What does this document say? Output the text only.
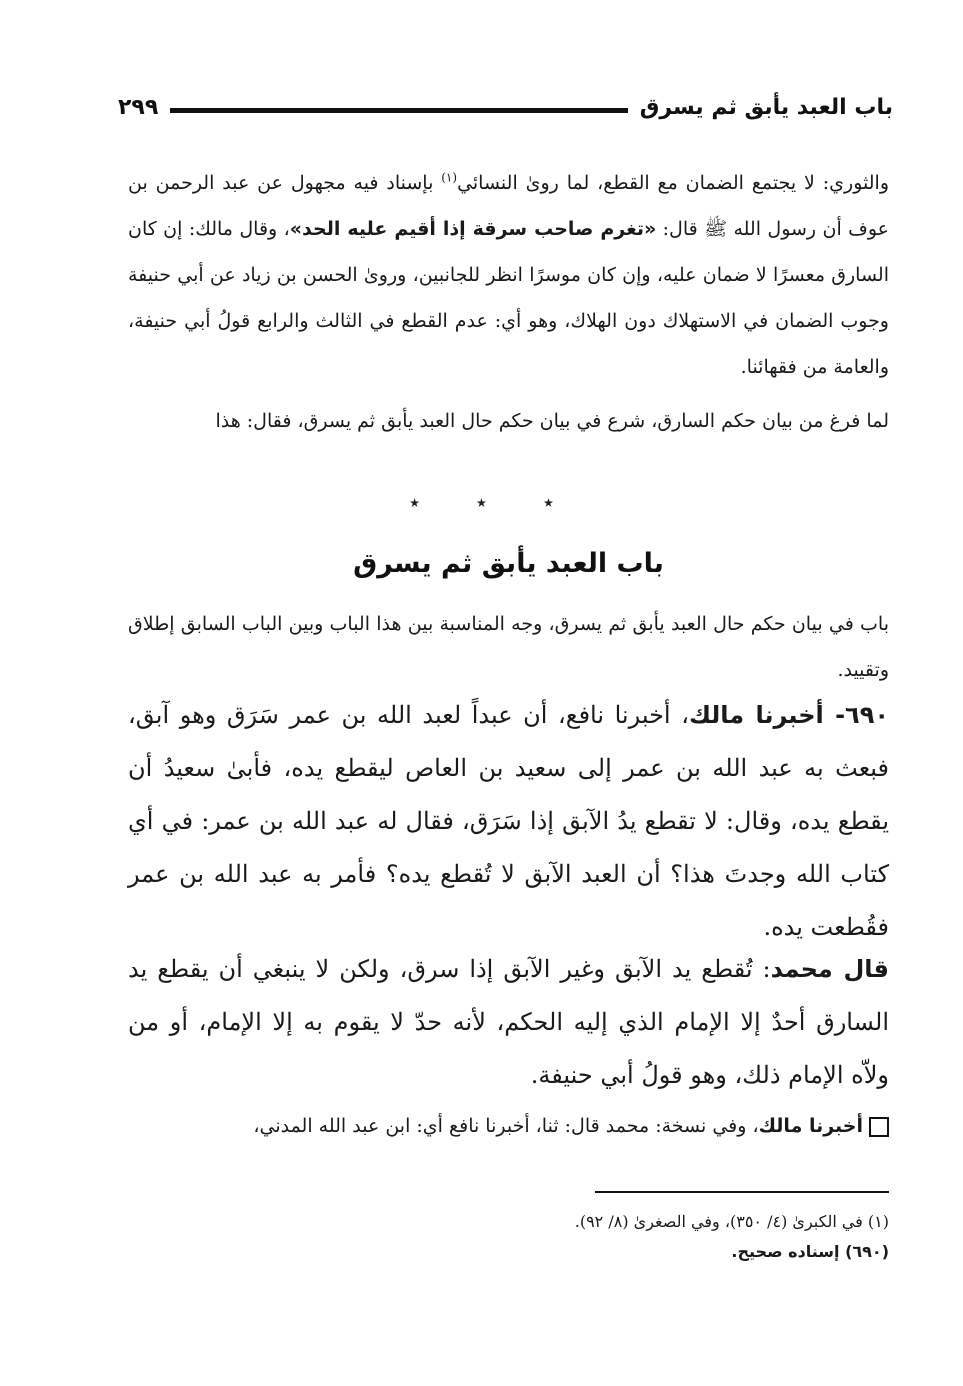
باب العبد يأبق ثم يسرق
٢٩٩
والثوري: لا يجتمع الضمان مع القطع، لما روىٰ النسائي$^{(١)}$ بإسناد فيه مجهول عن عبد الرحمن بن عوف أن رسول الله ﷺ قال: «تغرم صاحب سرقة إذا أقيم عليه الحد»، وقال مالك: إن كان السارق معسرًا لا ضمان عليه، وإن كان موسرًا انظر للجانبين، وروىٰ الحسن بن زياد عن أبي حنيفة وجوب الضمان في الاستهلاك دون الهلاك، وهو أي: عدم القطع في الثالث والرابع قولُ أبي حنيفة، والعامة من فقهائنا.
لما فرغ من بيان حكم السارق، شرع في بيان حكم حال العبد يأبق ثم يسرق، فقال: هذا
٭	٭	٭
باب العبد يأبق ثم يسرق
باب في بيان حكم حال العبد يأبق ثم يسرق، وجه المناسبة بين هذا الباب وبين الباب السابق إطلاق وتقييد.
٦٩٠- أخبرنا مالك، أخبرنا نافع، أن عبداً لعبد الله بن عمر سَرَق وهو آبق، فبعث به عبد الله بن عمر إلى سعيد بن العاص ليقطع يده، فأبىٰ سعيدُ أن يقطع يده، وقال: لا تقطع يدُ الآبق إذا سَرَق، فقال له عبد الله بن عمر: في أي كتاب الله وجدتَ هذا؟ أن العبد الآبق لا تُقطع يده؟ فأمر به عبد الله بن عمر فقُطعت يده.
قال محمد: تُقطع يد الآبق وغير الآبق إذا سرق، ولكن لا ينبغي أن يقطع يد السارق أحدٌ إلا الإمام الذي إليه الحكم، لأنه حدّ لا يقوم به إلا الإمام، أو من ولاّه الإمام ذلك، وهو قولُ أبي حنيفة.
أخبرنا مالك، وفي نسخة: محمد قال: ثنا، أخبرنا نافع أي: ابن عبد الله المدني،
(١) في الكبرىٰ (٤/ ٣٥٠)، وفي الصغرىٰ (٨/ ٩٢).
(٦٩٠) إسناده صحيح.
